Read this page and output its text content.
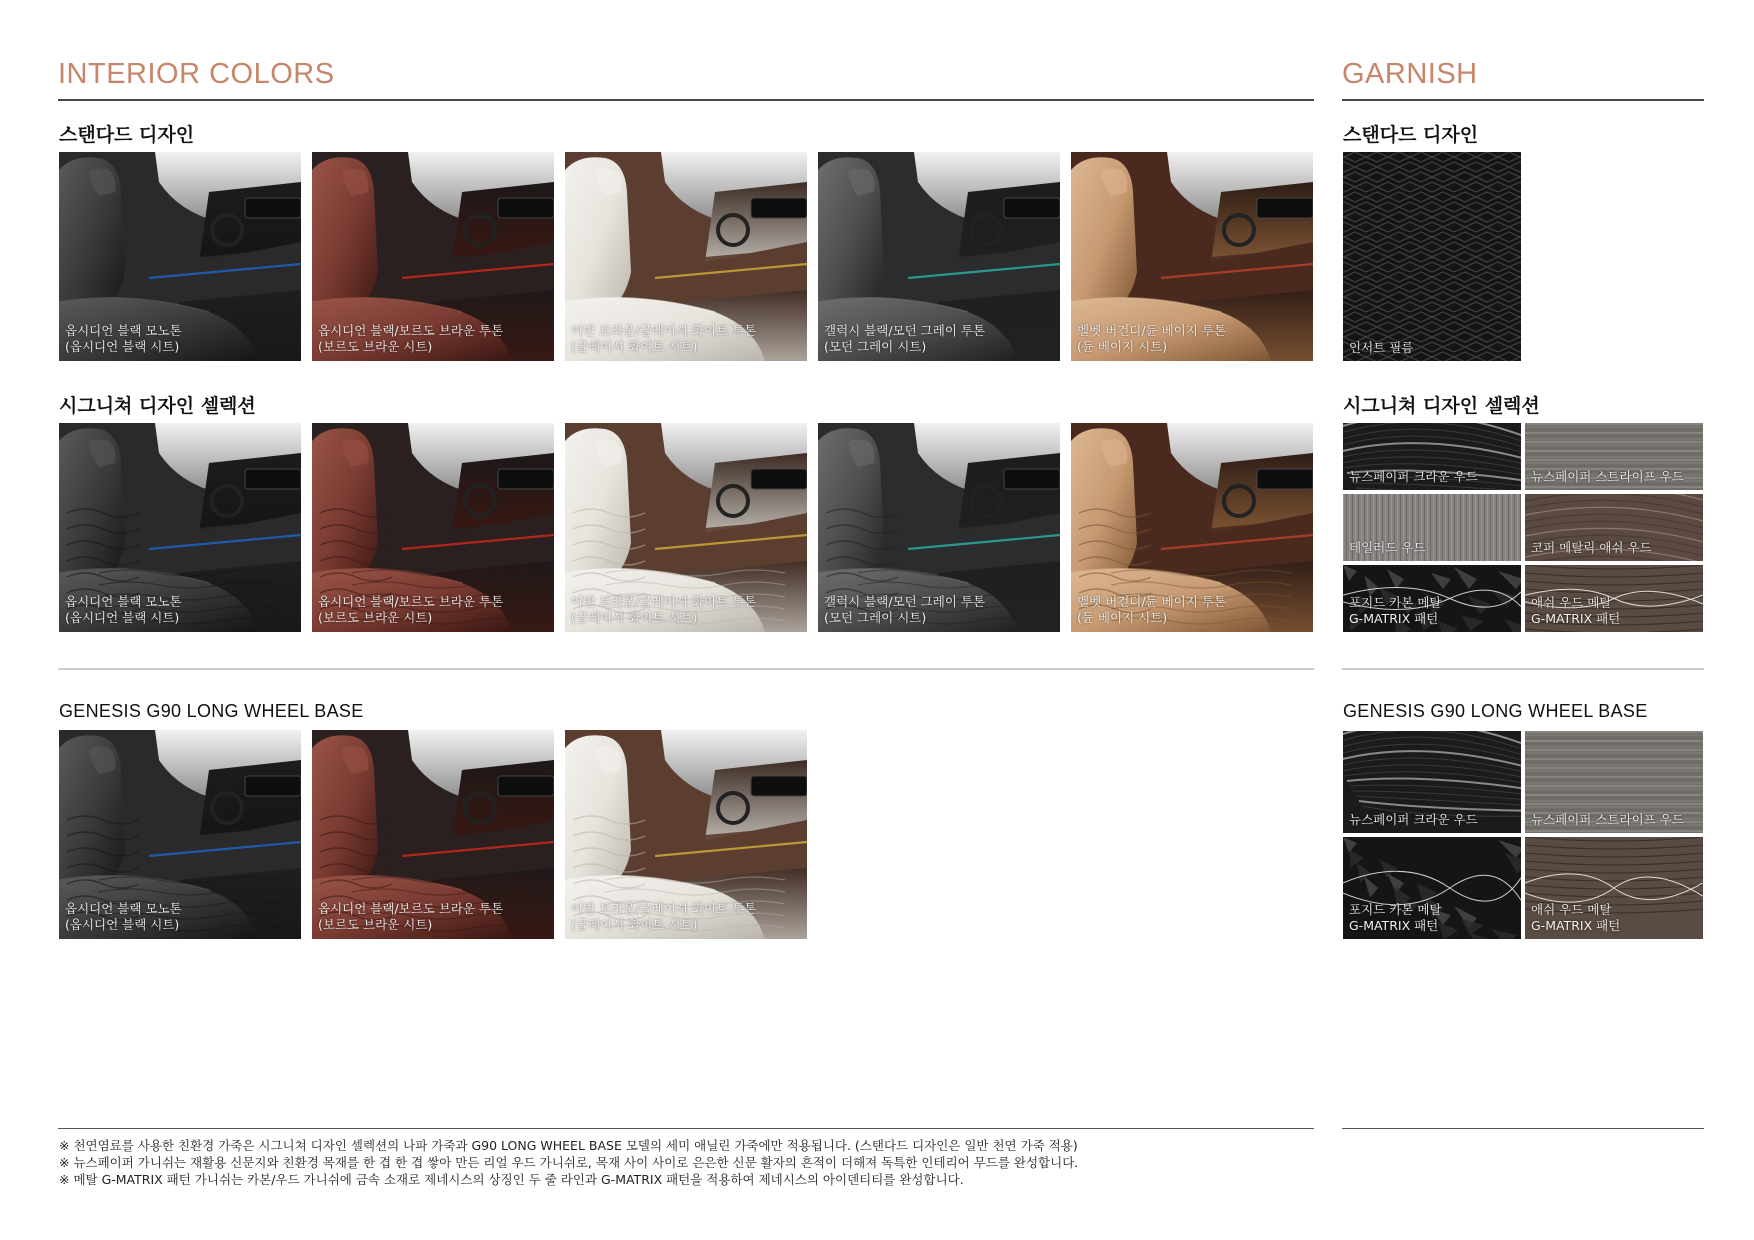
INTERIOR COLORS	GARNISH
스탠다드 디자인
시그니쳐 디자인 셀렉션
GENESIS G90 LONG WHEEL BASE
스탠다드 디자인
시그니쳐 디자인 셀렉션
GENESIS G90 LONG WHEEL BASE
옵시디언 블랙 모노톤
(옵시디언 블랙 시트)
옵시디언 블랙/보르도 브라운 투톤
(보르도 브라운 시트)
어반 브라운/글레이셔 화이트 투톤
(글레이셔 화이트 시트)
갤럭시 블랙/모던 그레이 투톤
(모던 그레이 시트)
벨벳 버건디/듄 베이지 투톤
(듄 베이지 시트)
옵시디언 블랙 모노톤
(옵시디언 블랙 시트)
옵시디언 블랙/보르도 브라운 투톤
(보르도 브라운 시트)
어반 브라운/글레이셔 화이트 투톤
(글레이셔 화이트 시트)
갤럭시 블랙/모던 그레이 투톤
(모던 그레이 시트)
벨벳 버건디/듄 베이지 투톤
(듄 베이지 시트)
옵시디언 블랙 모노톤
(옵시디언 블랙 시트)
옵시디언 블랙/보르도 브라운 투톤
(보르도 브라운 시트)
어반 브라운/글레이셔 화이트 투톤
(글레이셔 화이트 시트)
인서트 필름
뉴스페이퍼 크라운 우드	뉴스페이퍼 스트라이프 우드
테일러드 우드	코퍼 메탈릭 애쉬 우드
포지드 카본 메탈
G-MATRIX 패턴
애쉬 우드 메탈
G-MATRIX 패턴
뉴스페이퍼 크라운 우드	뉴스페이퍼 스트라이프 우드
포지드 카본 메탈
G-MATRIX 패턴
애쉬 우드 메탈
G-MATRIX 패턴
※ 천연염료를 사용한 친환경 가죽은 시그니쳐 디자인 셀렉션의 나파 가죽과 G90 LONG WHEEL BASE 모델의 세미 애닐린 가죽에만 적용됩니다. (스탠다드 디자인은 일반 천연 가죽 적용)
※ 뉴스페이퍼 가니쉬는 재활용 신문지와 친환경 목재를 한 겹 한 겹 쌓아 만든 리얼 우드 가니쉬로, 목재 사이 사이로 은은한 신문 활자의 흔적이 더해져 독특한 인테리어 무드를 완성합니다.
※ 메탈 G-MATRIX 패턴 가니쉬는 카본/우드 가니쉬에 금속 소재로 제네시스의 상징인 두 줄 라인과 G-MATRIX 패턴을 적용하여 제네시스의 아이덴티티를 완성합니다.
